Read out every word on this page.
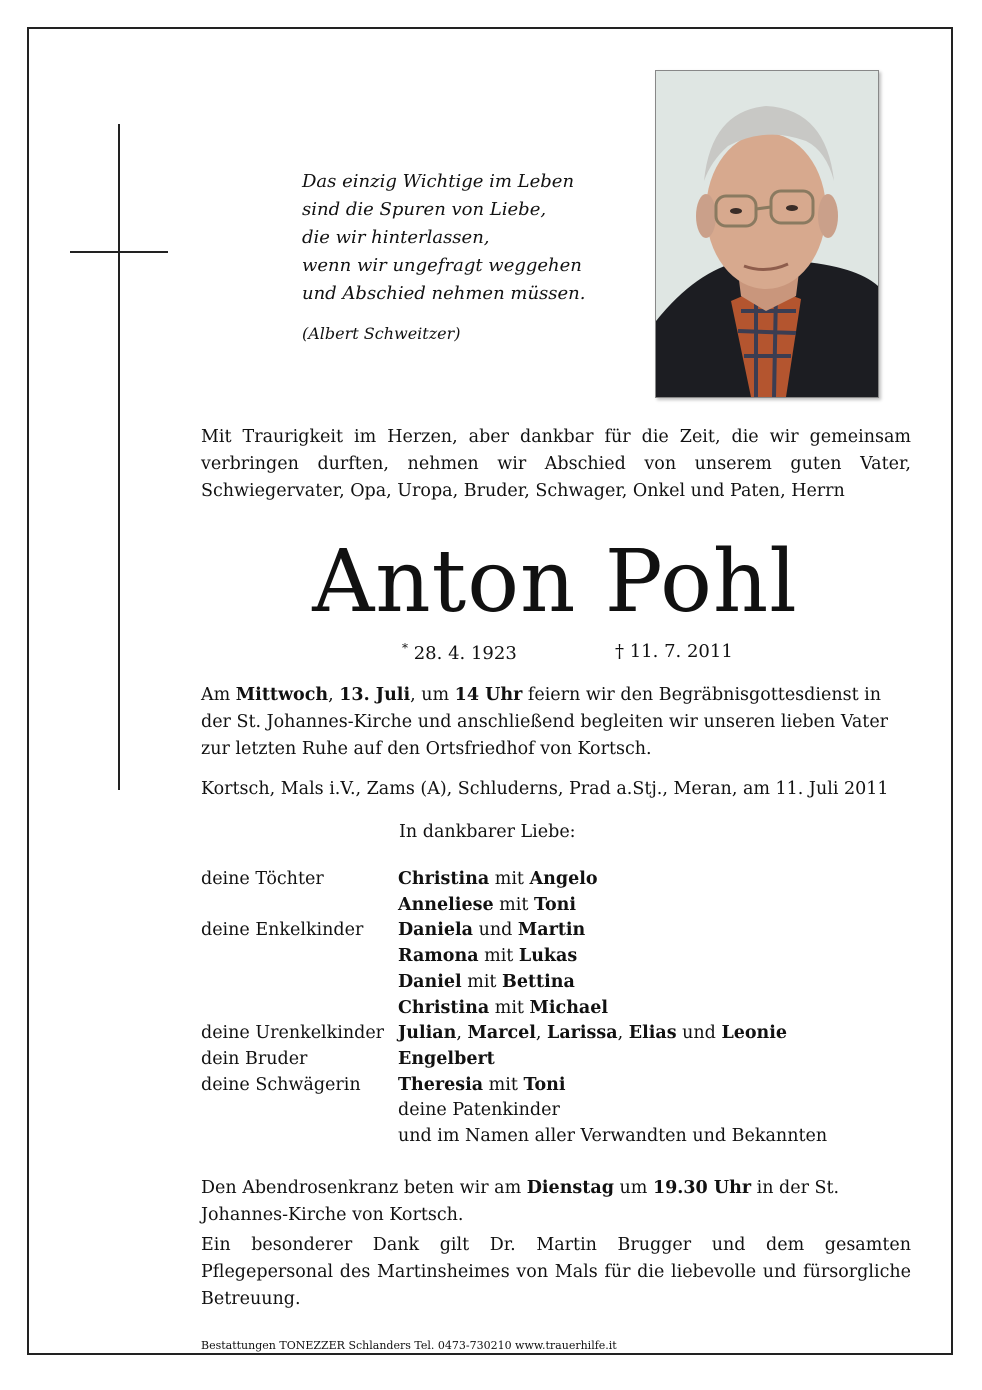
Das einzig Wichtige im Leben
sind die Spuren von Liebe,
die wir hinterlassen,
wenn wir ungefragt weggehen
und Abschied nehmen müssen.
(Albert Schweitzer)
Mit Traurigkeit im Herzen, aber dankbar für die Zeit, die wir gemeinsam verbringen durften, nehmen wir Abschied von unserem guten Vater, Schwiegervater, Opa, Uropa, Bruder, Schwager, Onkel und Paten, Herrn
Anton Pohl
* 28. 4. 1923	† 11. 7. 2011
Am Mittwoch, 13. Juli, um 14 Uhr feiern wir den Begräbnisgottesdienst in der St. Johannes-Kirche und anschließend begleiten wir unseren lieben Vater zur letzten Ruhe auf den Ortsfriedhof von Kortsch.
Kortsch, Mals i.V., Zams (A), Schluderns, Prad a.Stj., Meran, am 11. Juli 2011
In dankbarer Liebe:
deine Töchter	Christina mit Angelo
Anneliese mit Toni
deine Enkelkinder	Daniela und Martin
Ramona mit Lukas
Daniel mit Bettina
Christina mit Michael
deine Urenkelkinder Julian, Marcel, Larissa, Elias und Leonie
dein Bruder	Engelbert
deine Schwägerin	Theresia mit Toni
deine Patenkinder
und im Namen aller Verwandten und Bekannten
Den Abendrosenkranz beten wir am Dienstag um 19.30 Uhr in der St. Johannes-Kirche von Kortsch.
Ein besonderer Dank gilt Dr. Martin Brugger und dem gesamten Pflegepersonal des Martinsheimes von Mals für die liebevolle und fürsorgliche Betreuung.
Bestattungen TONEZZER Schlanders Tel. 0473-730210 www.trauerhilfe.it
